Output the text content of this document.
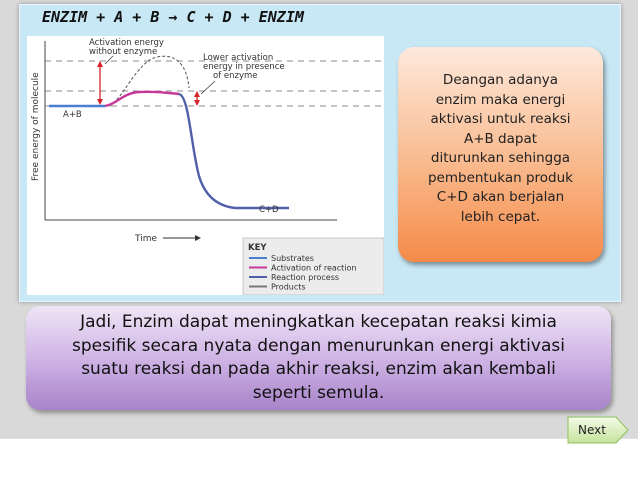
ENZIM + A + B → C + D + ENZIM
Free energy of molecule
Time
Activation energy without enzyme
Lower activation energy in presence of enzyme
A+B
C+D
KEY
Substrates
Activation of reaction
Reaction process
Products
Deangan adanya
enzim maka energi
aktivasi untuk reaksi
A+B dapat
diturunkan sehingga
pembentukan produk
C+D akan berjalan
lebih cepat.
Jadi, Enzim dapat meningkatkan kecepatan reaksi kimia
spesifik secara nyata dengan menurunkan energi aktivasi
suatu reaksi dan pada akhir reaksi, enzim akan kembali
seperti semula.
Next
